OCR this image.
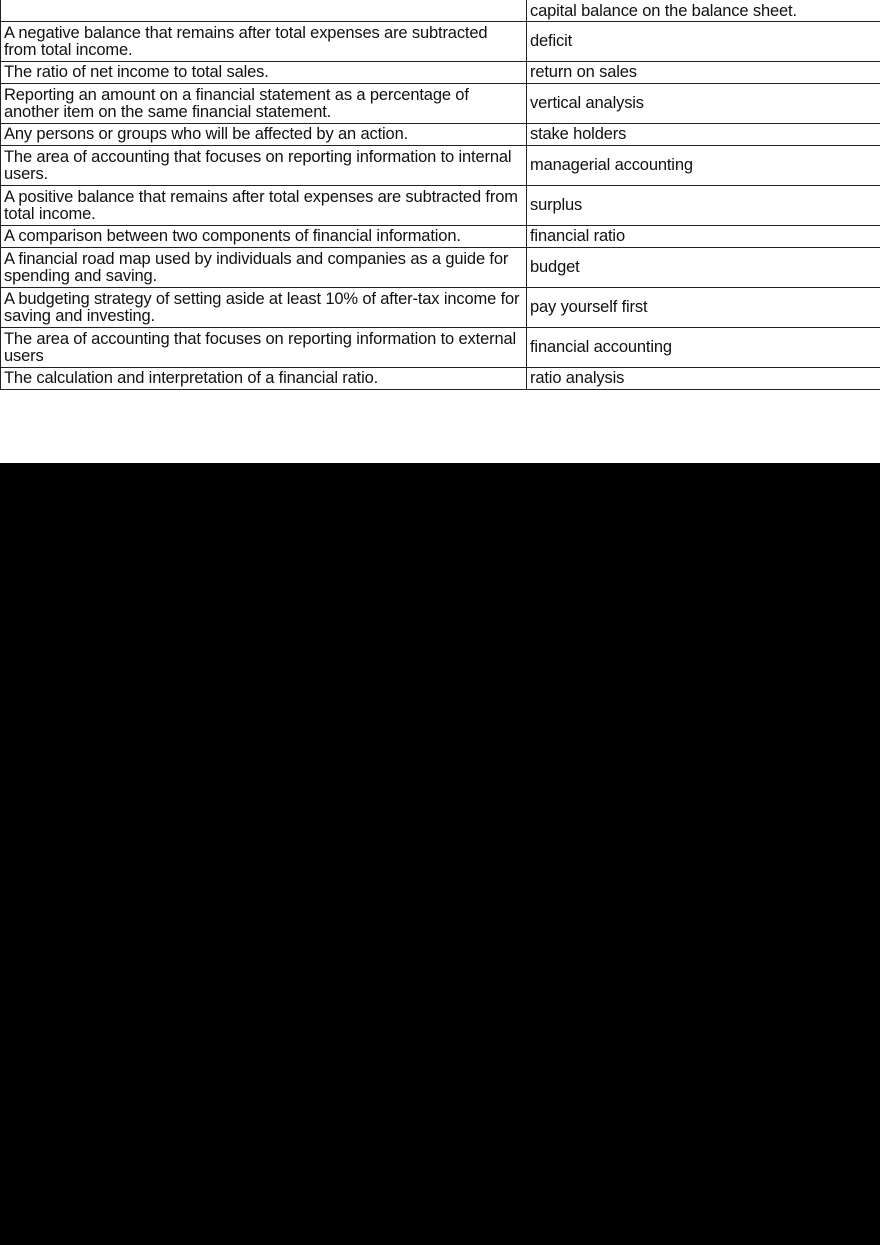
	capital balance on the balance sheet.
A negative balance that remains after total expenses are subtracted from total income.	deficit
The ratio of net income to total sales.	return on sales
Reporting an amount on a financial statement as a percentage of another item on the same financial statement.	vertical analysis
Any persons or groups who will be affected by an action.	stake holders
The area of accounting that focuses on reporting information to internal users.	managerial accounting
A positive balance that remains after total expenses are subtracted from total income.	surplus
A comparison between two components of financial information.	financial ratio
A financial road map used by individuals and companies as a guide for spending and saving.	budget
A budgeting strategy of setting aside at least 10% of after-tax income for saving and investing.	pay yourself first
The area of accounting that focuses on reporting information to external users	financial accounting
The calculation and interpretation of a financial ratio.	ratio analysis
